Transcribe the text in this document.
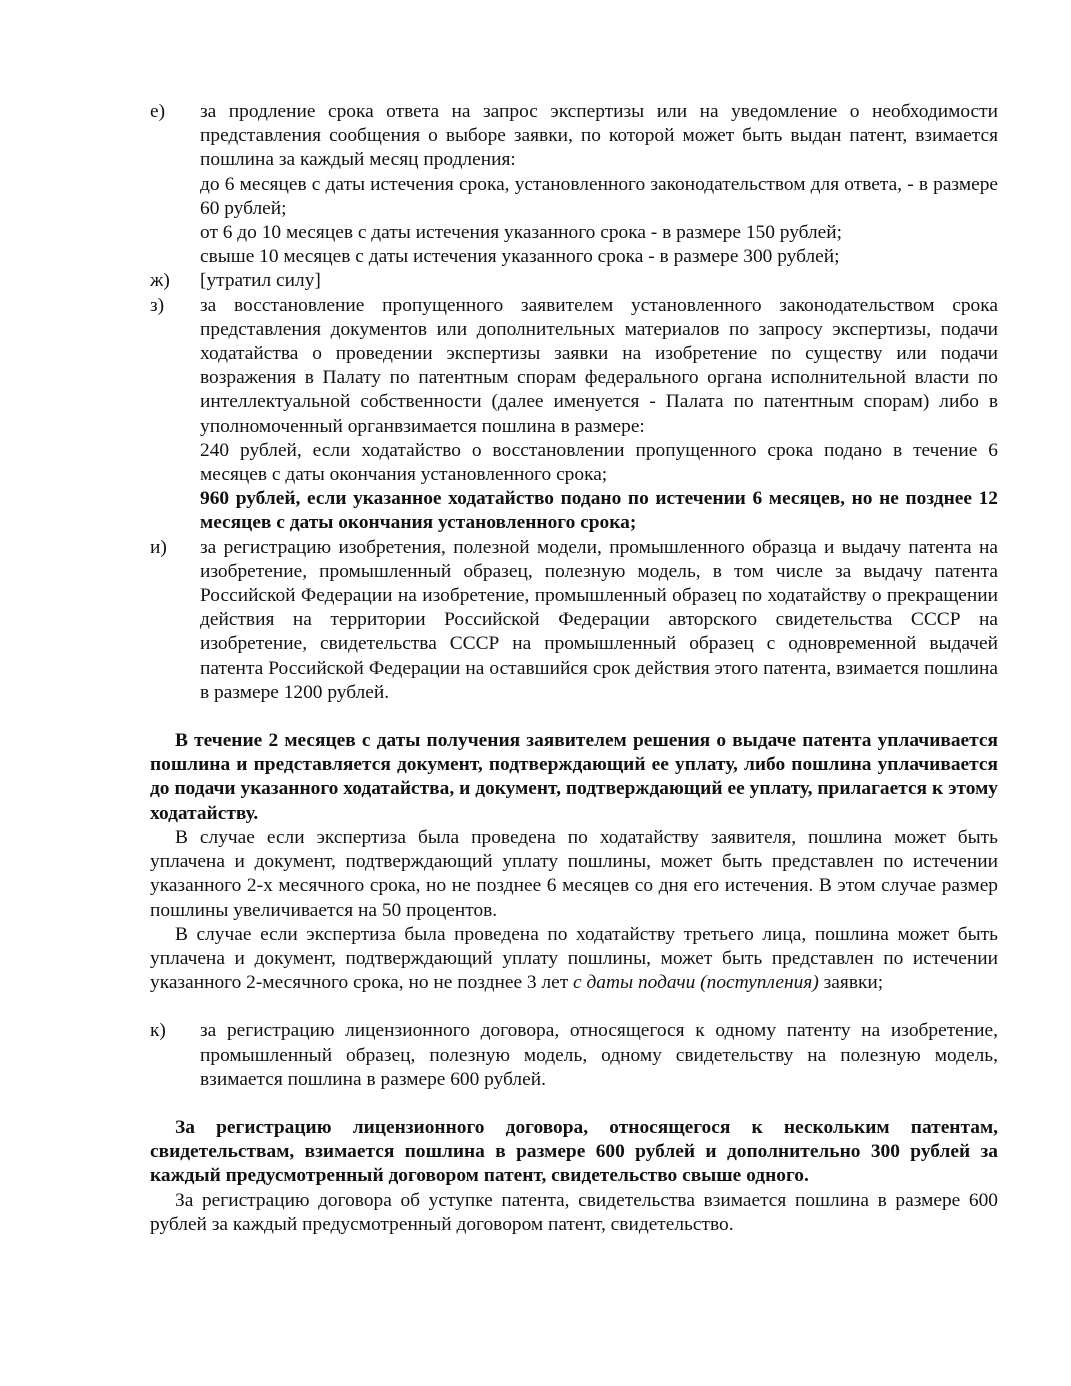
е)	за продление срока ответа на запрос экспертизы или на уведомление о необходимости представления сообщения о выборе заявки, по которой может быть выдан патент, взимается пошлина за каждый месяц продления:

до 6 месяцев с даты истечения срока, установленного законодательством для ответа, - в размере 60 рублей;

от 6 до 10 месяцев с даты истечения указанного срока - в размере 150 рублей;

свыше 10 месяцев с даты истечения указанного срока - в размере 300 рублей;

ж)	[утратил силу]

з)	за восстановление пропущенного заявителем установленного законодательством срока представления документов или дополнительных материалов по запросу экспертизы, подачи ходатайства о проведении экспертизы заявки на изобретение по существу или подачи возражения в Палату по патентным спорам федерального органа исполнительной власти по интеллектуальной собственности (далее именуется - Палата по патентным спорам) либо в уполномоченный органвзимается пошлина в размере:

240 рублей, если ходатайство о восстановлении пропущенного срока подано в течение 6 месяцев с даты окончания установленного срока;

960 рублей, если указанное ходатайство подано по истечении 6 месяцев, но не позднее 12 месяцев с даты окончания установленного срока;

и)	за регистрацию изобретения, полезной модели, промышленного образца и выдачу патента на изобретение, промышленный образец, полезную модель, в том числе за выдачу патента Российской Федерации на изобретение, промышленный образец по ходатайству о прекращении действия на территории Российской Федерации авторского свидетельства СССР на изобретение, свидетельства СССР на промышленный образец с одновременной выдачей патента Российской Федерации на оставшийся срок действия этого патента, взимается пошлина в размере 1200 рублей.

В течение 2 месяцев с даты получения заявителем решения о выдаче патента уплачивается пошлина и представляется документ, подтверждающий ее уплату, либо пошлина уплачивается до подачи указанного ходатайства, и документ, подтверждающий ее уплату, прилагается к этому ходатайству.

В случае если экспертиза была проведена по ходатайству заявителя, пошлина может быть уплачена и документ, подтверждающий уплату пошлины, может быть представлен по истечении указанного 2-х месячного срока, но не позднее 6 месяцев со дня его истечения. В этом случае размер пошлины увеличивается на 50 процентов.

В случае если экспертиза была проведена по ходатайству третьего лица, пошлина может быть уплачена и документ, подтверждающий уплату пошлины, может быть представлен по истечении указанного 2-месячного срока, но не позднее 3 лет с даты подачи (поступления) заявки;

к)	за регистрацию лицензионного договора, относящегося к одному патенту на изобретение, промышленный образец, полезную модель, одному свидетельству на полезную модель, взимается пошлина в размере 600 рублей.

За регистрацию лицензионного договора, относящегося к нескольким патентам, свидетельствам, взимается пошлина в размере 600 рублей и дополнительно 300 рублей за каждый предусмотренный договором патент, свидетельство свыше одного.

За регистрацию договора об уступке патента, свидетельства взимается пошлина в размере 600 рублей за каждый предусмотренный договором патент, свидетельство.
